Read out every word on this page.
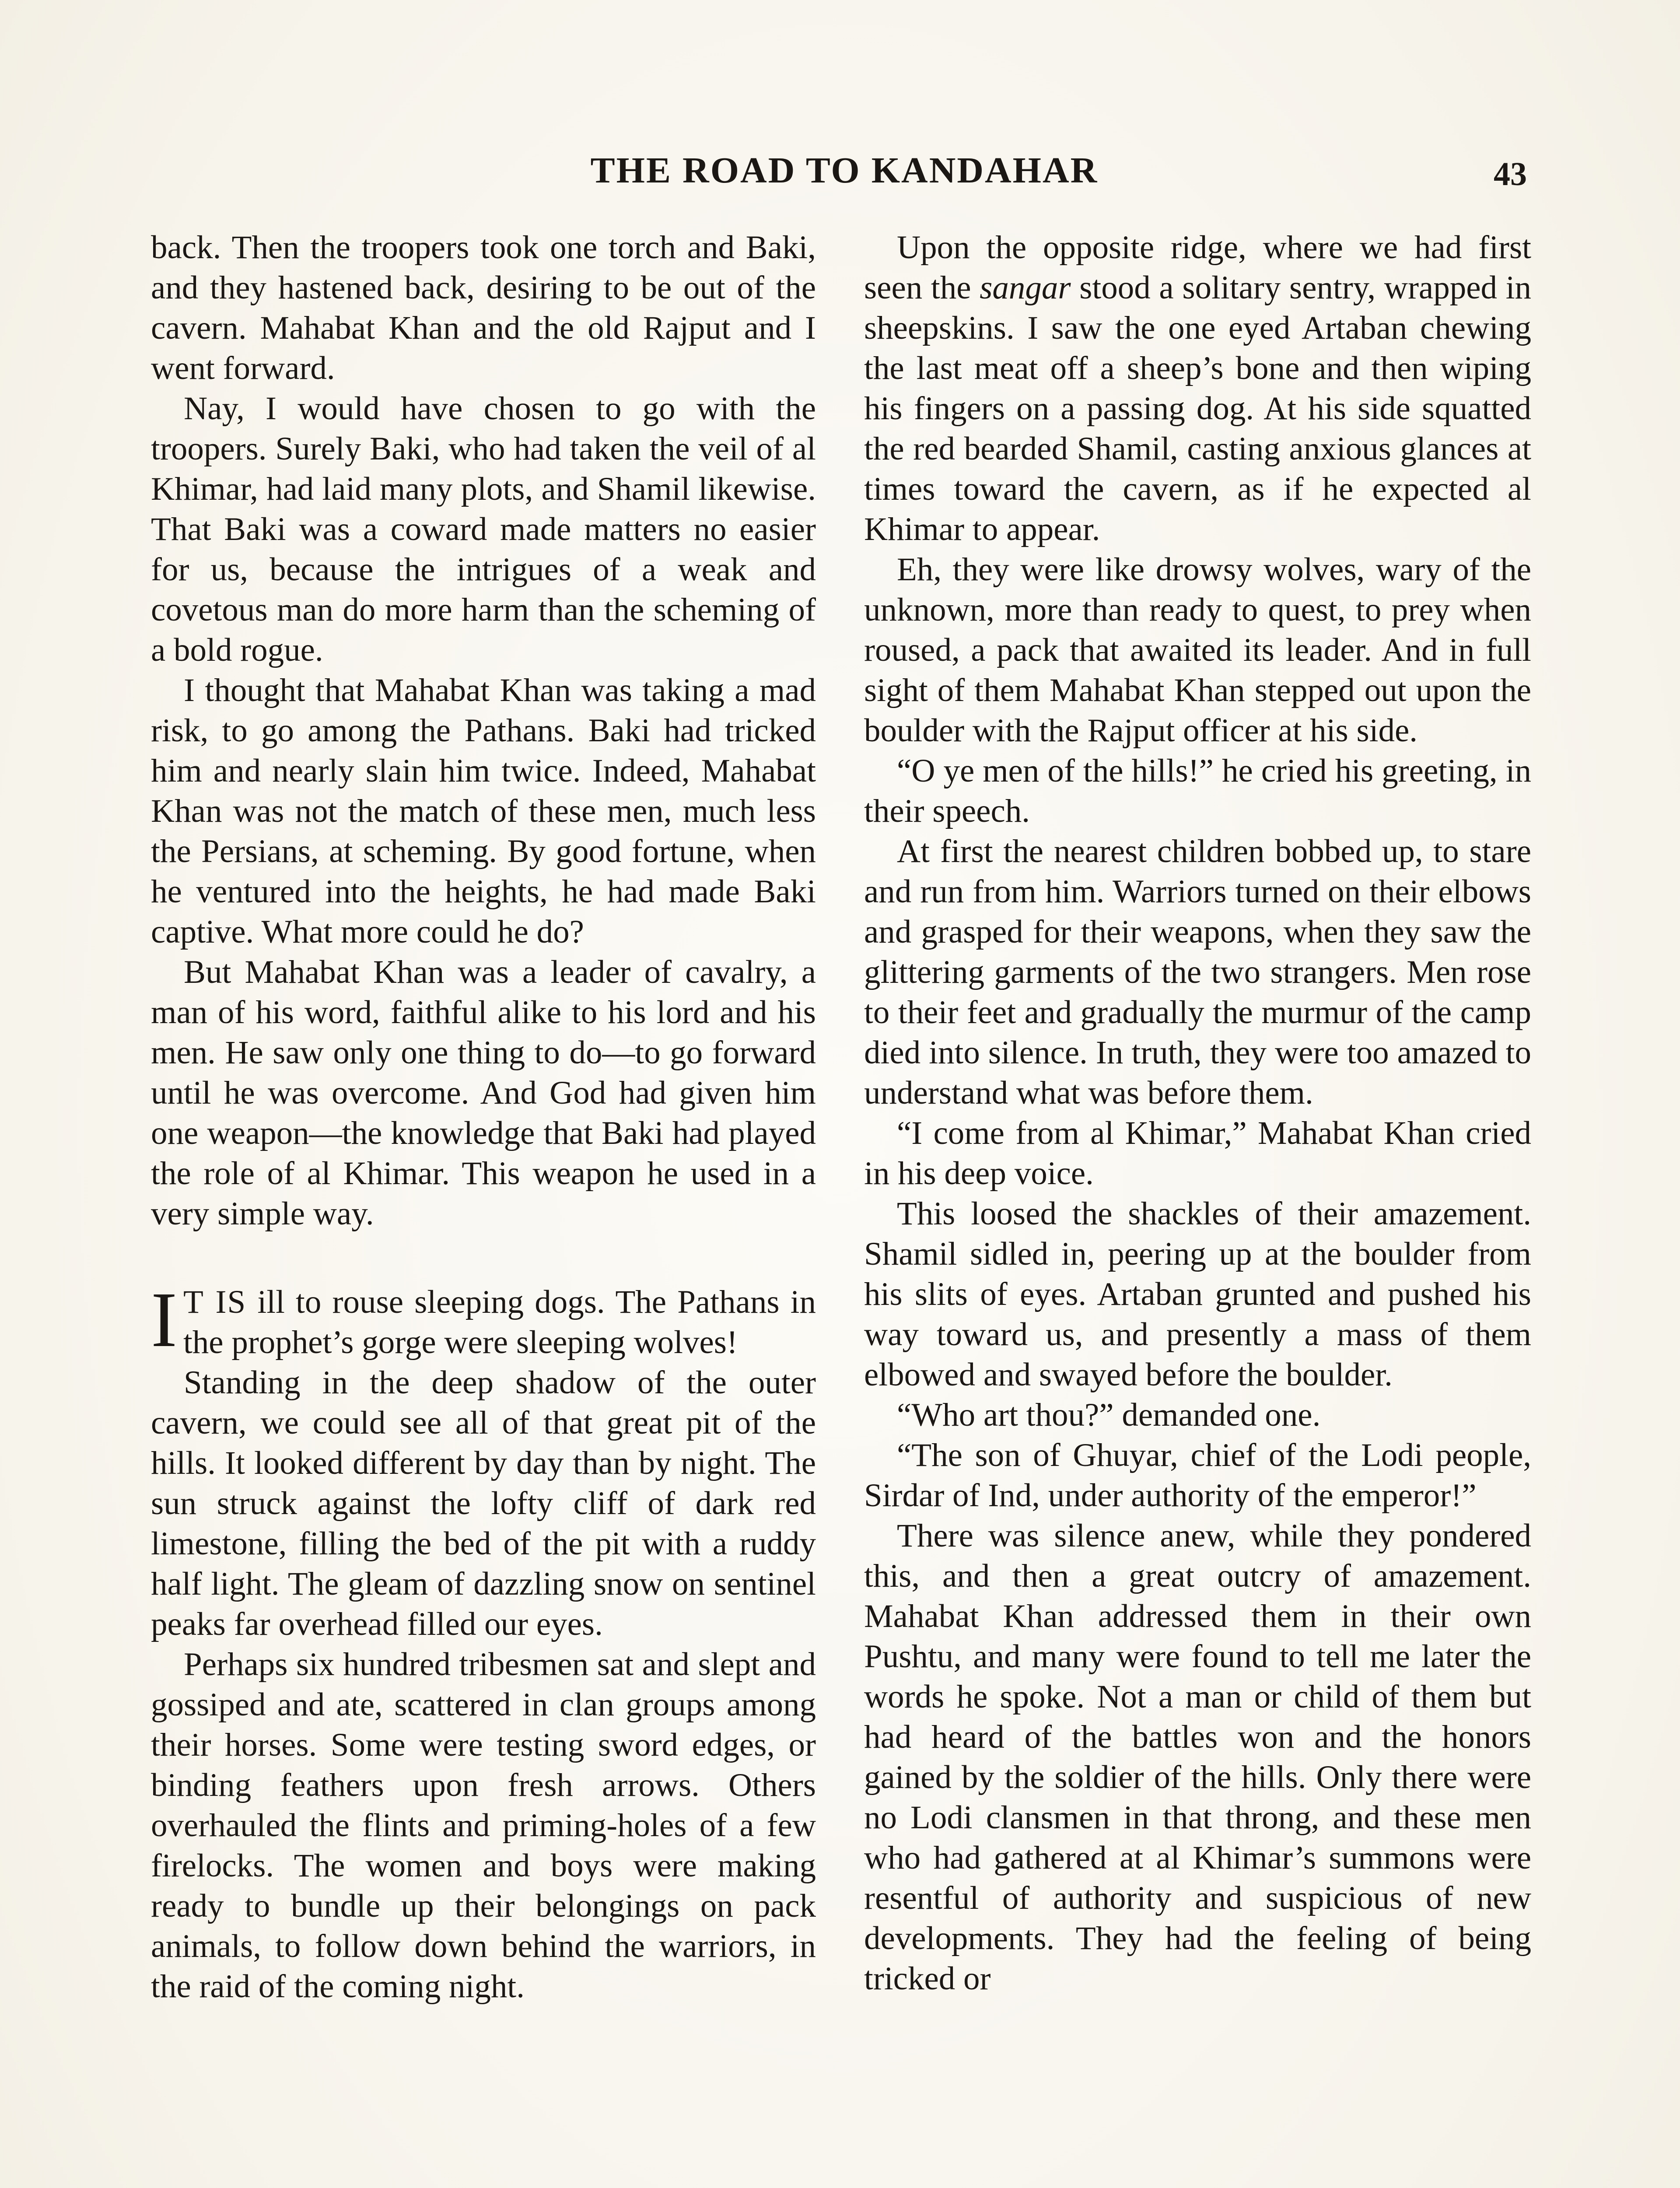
THE ROAD TO KANDAHAR	43

back. Then the troopers took one torch and Baki, and they hastened back, desiring to be out of the cavern. Mahabat Khan and the old Rajput and I went forward.

Nay, I would have chosen to go with the troopers. Surely Baki, who had taken the veil of al Khimar, had laid many plots, and Shamil likewise. That Baki was a coward made matters no easier for us, because the intrigues of a weak and covetous man do more harm than the scheming of a bold rogue.

I thought that Mahabat Khan was taking a mad risk, to go among the Pathans. Baki had tricked him and nearly slain him twice. Indeed, Mahabat Khan was not the match of these men, much less the Persians, at scheming. By good fortune, when he ventured into the heights, he had made Baki captive. What more could he do?

But Mahabat Khan was a leader of cavalry, a man of his word, faithful alike to his lord and his men. He saw only one thing to do—to go forward until he was overcome. And God had given him one weapon—the knowledge that Baki had played the role of al Khimar. This weapon he used in a very simple way.

I T IS ill to rouse sleeping dogs. The Pathans in the prophet’s gorge were sleeping wolves!

Standing in the deep shadow of the outer cavern, we could see all of that great pit of the hills. It looked different by day than by night. The sun struck against the lofty cliff of dark red limestone, filling the bed of the pit with a ruddy half light. The gleam of dazzling snow on sentinel peaks far overhead filled our eyes.

Perhaps six hundred tribesmen sat and slept and gossiped and ate, scattered in clan groups among their horses. Some were testing sword edges, or binding feathers upon fresh arrows. Others overhauled the flints and priming-holes of a few firelocks. The women and boys were making ready to bundle up their belongings on pack animals, to follow down behind the warriors, in the raid of the coming night.

Upon the opposite ridge, where we had first seen the sangar stood a solitary sentry, wrapped in sheepskins. I saw the one eyed Artaban chewing the last meat off a sheep’s bone and then wiping his fingers on a passing dog. At his side squatted the red bearded Shamil, casting anxious glances at times toward the cavern, as if he expected al Khimar to appear.

Eh, they were like drowsy wolves, wary of the unknown, more than ready to quest, to prey when roused, a pack that awaited its leader. And in full sight of them Mahabat Khan stepped out upon the boulder with the Rajput officer at his side.

“O ye men of the hills!” he cried his greeting, in their speech.

At first the nearest children bobbed up, to stare and run from him. Warriors turned on their elbows and grasped for their weapons, when they saw the glittering garments of the two strangers. Men rose to their feet and gradually the murmur of the camp died into silence. In truth, they were too amazed to understand what was before them.

“I come from al Khimar,” Mahabat Khan cried in his deep voice.

This loosed the shackles of their amazement. Shamil sidled in, peering up at the boulder from his slits of eyes. Artaban grunted and pushed his way toward us, and presently a mass of them elbowed and swayed before the boulder.

“Who art thou?” demanded one.

“The son of Ghuyar, chief of the Lodi people, Sirdar of Ind, under authority of the emperor!”

There was silence anew, while they pondered this, and then a great outcry of amazement. Mahabat Khan addressed them in their own Pushtu, and many were found to tell me later the words he spoke. Not a man or child of them but had heard of the battles won and the honors gained by the soldier of the hills. Only there were no Lodi clansmen in that throng, and these men who had gathered at al Khimar’s summons were resentful of authority and suspicious of new developments. They had the feeling of being tricked or
